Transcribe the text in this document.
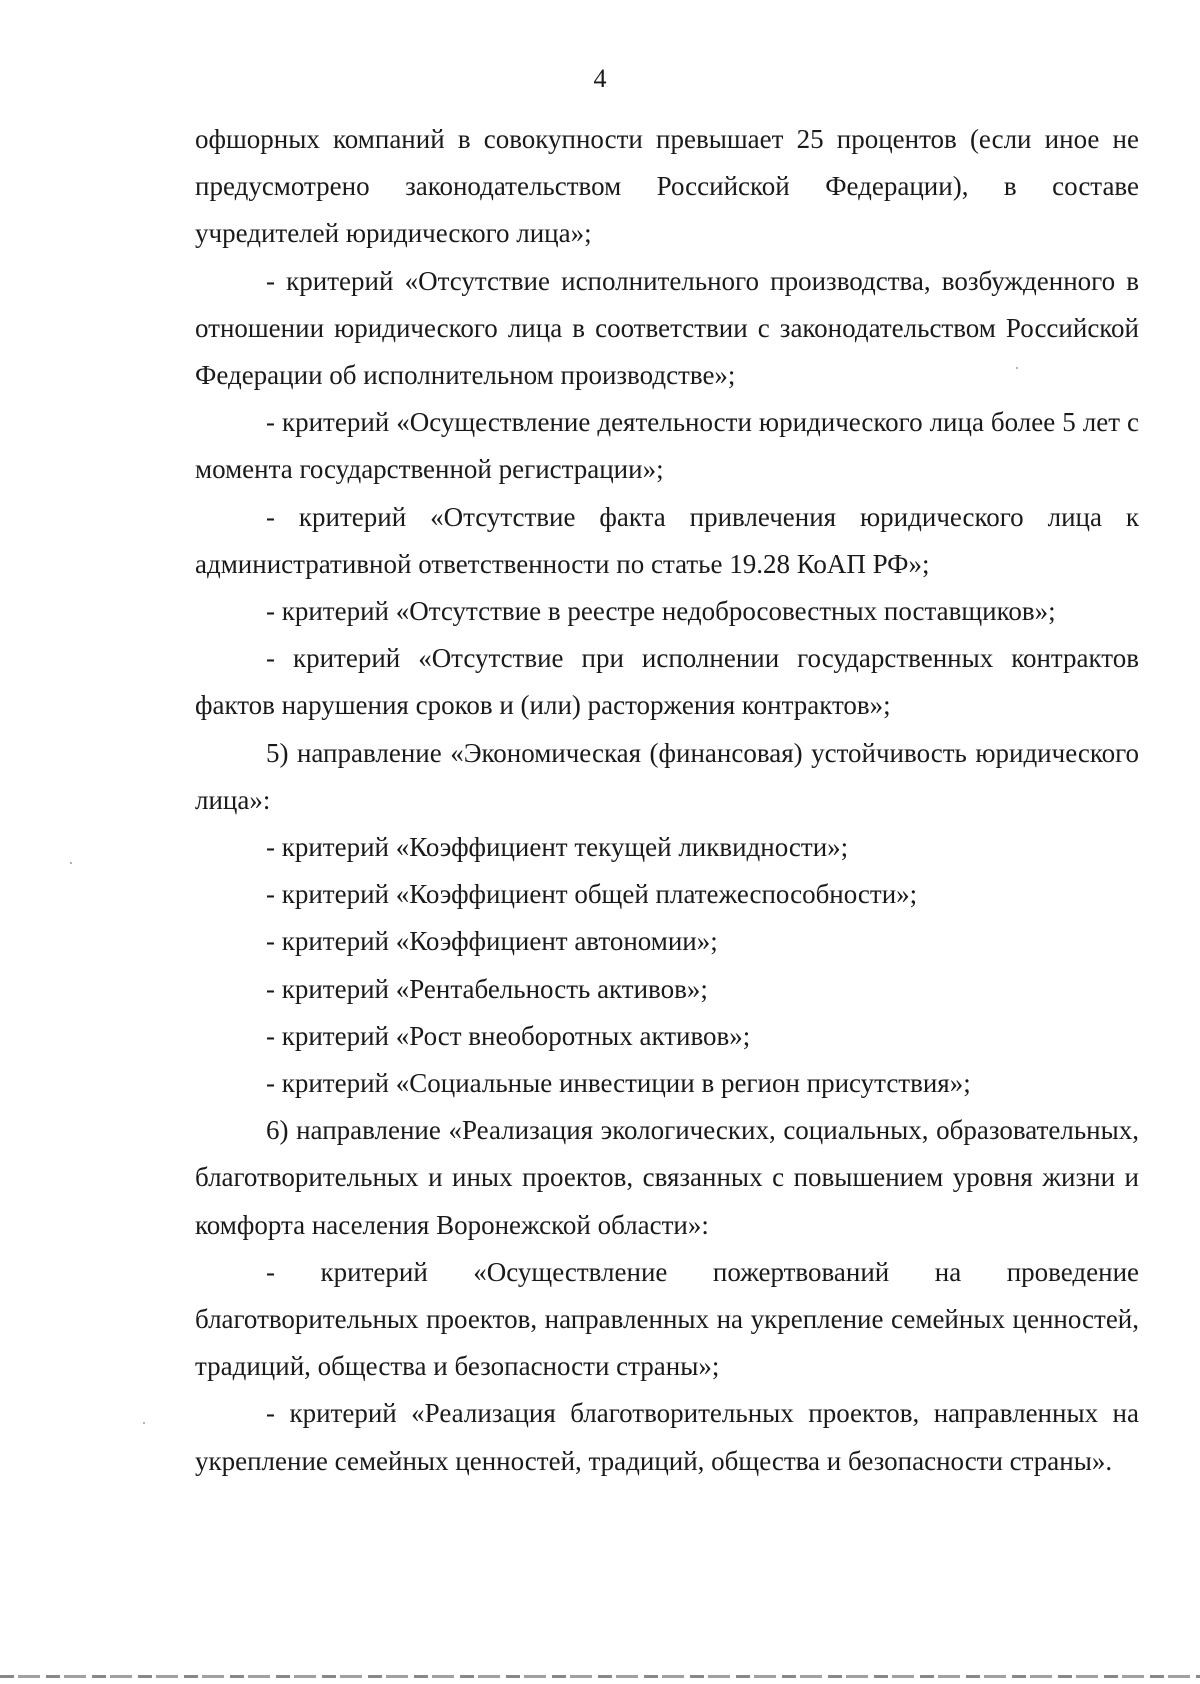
4

офшорных компаний в совокупности превышает 25 процентов (если иное не предусмотрено законодательством Российской Федерации), в составе учредителей юридического лица»;

- критерий «Отсутствие исполнительного производства, возбужденного в отношении юридического лица в соответствии с законодательством Российской Федерации об исполнительном производстве»;

- критерий «Осуществление деятельности юридического лица более 5 лет с момента государственной регистрации»;

- критерий «Отсутствие факта привлечения юридического лица к административной ответственности по статье 19.28 КоАП РФ»;

- критерий «Отсутствие в реестре недобросовестных поставщиков»;

- критерий «Отсутствие при исполнении государственных контрактов фактов нарушения сроков и (или) расторжения контрактов»;

5) направление «Экономическая (финансовая) устойчивость юридического лица»:

- критерий «Коэффициент текущей ликвидности»;

- критерий «Коэффициент общей платежеспособности»;

- критерий «Коэффициент автономии»;

- критерий «Рентабельность активов»;

- критерий «Рост внеоборотных активов»;

- критерий «Социальные инвестиции в регион присутствия»;

6) направление «Реализация экологических, социальных, образовательных, благотворительных и иных проектов, связанных с повышением уровня жизни и комфорта населения Воронежской области»:

- критерий «Осуществление пожертвований на проведение благотворительных проектов, направленных на укрепление семейных ценностей, традиций, общества и безопасности страны»;

- критерий «Реализация благотворительных проектов, направленных на укрепление семейных ценностей, традиций, общества и безопасности страны».
